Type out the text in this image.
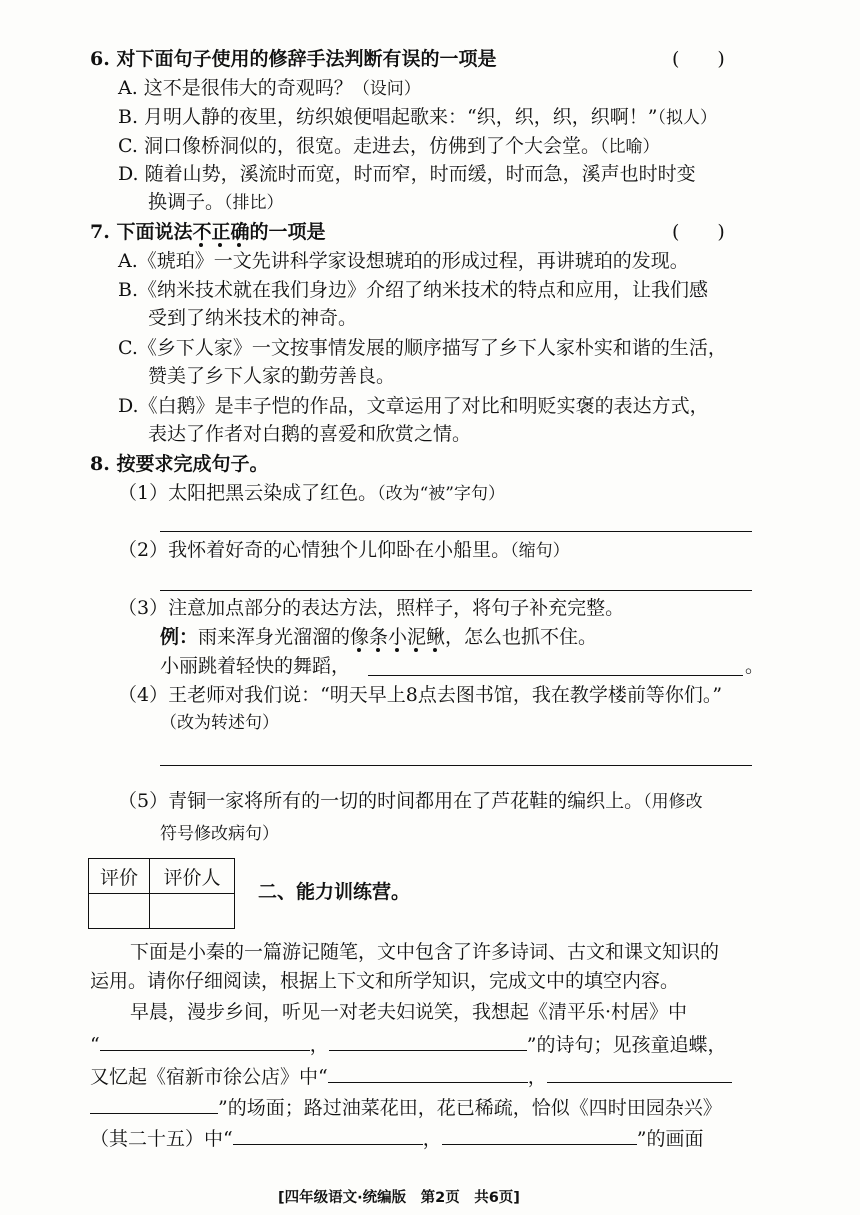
6. 对下面句子使用的修辞手法判断有误的一项是	(　　)
A. 这不是很伟大的奇观吗？（设问）
B. 月明人静的夜里，纺织娘便唱起歌来：“织，织，织，织啊！”（拟人）
C. 洞口像桥洞似的，很宽。走进去，仿佛到了个大会堂。（比喻）
D. 随着山势，溪流时而宽，时而窄，时而缓，时而急，溪声也时时变
换调子。（排比）
7. 下面说法不正确
的一项是	(　　)
A.《琥珀》一文先讲科学家设想琥珀的形成过程，再讲琥珀的发现。
B.《纳米技术就在我们身边》介绍了纳米技术的特点和应用，让我们感
受到了纳米技术的神奇。
C.《乡下人家》一文按事情发展的顺序描写了乡下人家朴实和谐的生活，
赞美了乡下人家的勤劳善良。
D.《白鹅》是丰子恺的作品，文章运用了对比和明贬实褒的表达方式，
表达了作者对白鹅的喜爱和欣赏之情。
8. 按要求完成句子。
（1）太阳把黑云染成了红色。（改为“被”字句）
（2）我怀着好奇的心情独个儿仰卧在小船里。（缩句）
（3）注意加点部分的表达方法，照样子，将句子补充完整。
例：雨来浑身光溜溜的像条小泥鳅
，怎么也抓不住。
小丽跳着轻快的舞蹈，	。
（4）王老师对我们说：“明天早上8点去图书馆，我在教学楼前等你们。”
（改为转述句）
（5）青铜一家将所有的一切的时间都用在了芦花鞋的编织上。（用修改
符号修改病句）
评价	评价人

二、能力训练营。
下面是小秦的一篇游记随笔，文中包含了许多诗词、古文和课文知识的
运用。请你仔细阅读，根据上下文和所学知识，完成文中的填空内容。
早晨，漫步乡间，听见一对老夫妇说笑，我想起《清平乐·村居》中
“	，	”的诗句；见孩童追蝶，
又忆起《宿新市徐公店》中“	，
”的场面；路过油菜花田，花已稀疏，恰似《四时田园杂兴》
（其二十五）中“	，	”的画面
[四年级语文·统编版　第2页　共6页]
